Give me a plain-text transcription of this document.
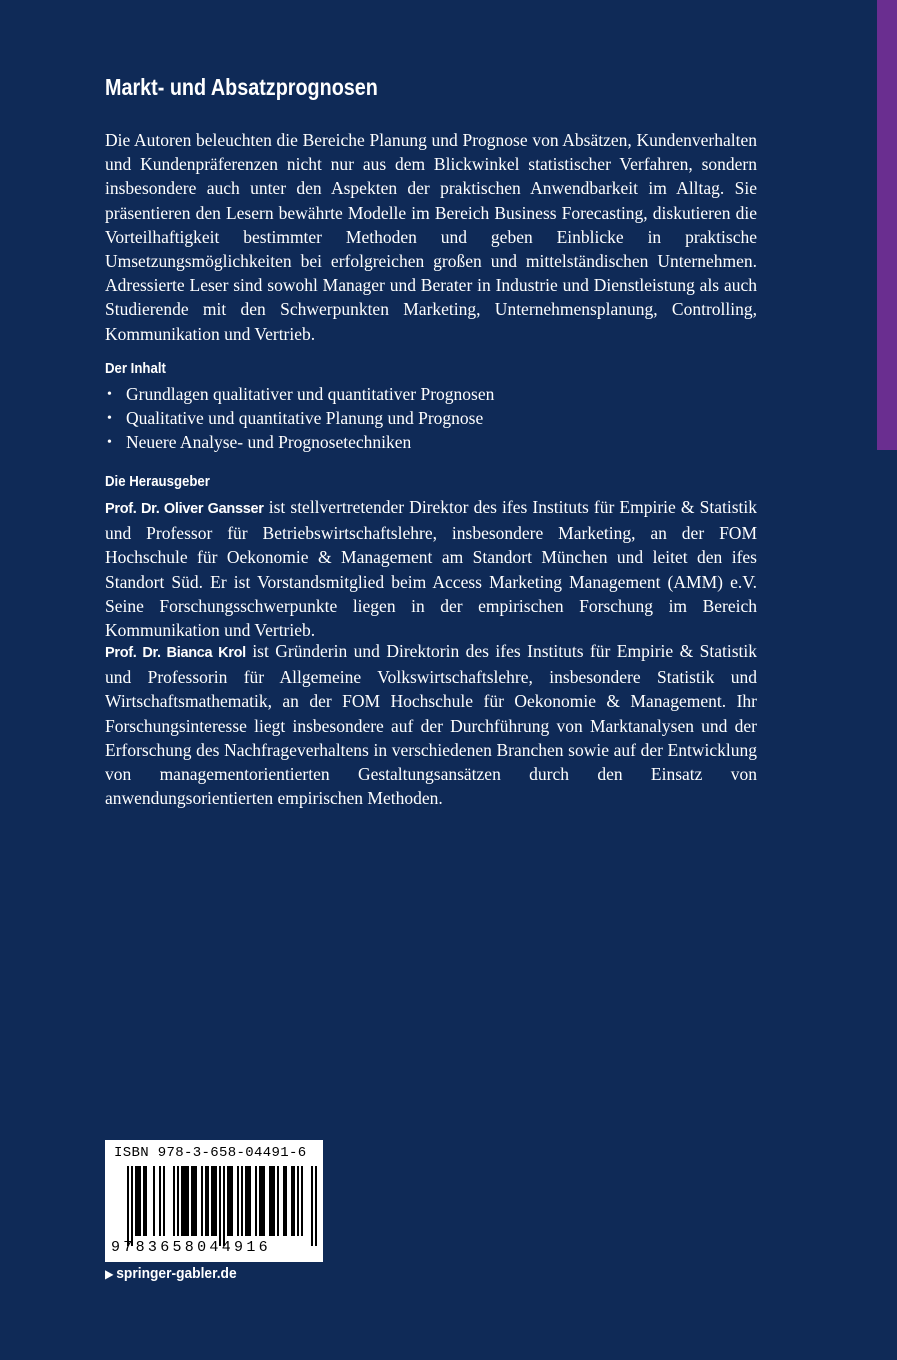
Markt- und Absatzprognosen

Die Autoren beleuchten die Bereiche Planung und Prognose von Absätzen, Kundenverhalten und Kundenpräferenzen nicht nur aus dem Blickwinkel statistischer Verfahren, sondern insbesondere auch unter den Aspekten der praktischen Anwendbarkeit im Alltag. Sie präsentieren den Lesern bewährte Modelle im Bereich Business Forecasting, diskutieren die Vorteilhaftigkeit bestimmter Methoden und geben Einblicke in praktische Umsetzungsmöglichkeiten bei erfolgreichen großen und mittelständischen Unternehmen. Adressierte Leser sind sowohl Manager und Berater in Industrie und Dienstleistung als auch Studierende mit den Schwerpunkten Marketing, Unternehmensplanung, Controlling, Kommunikation und Vertrieb.

Der Inhalt
• Grundlagen qualitativer und quantitativer Prognosen
• Qualitative und quantitative Planung und Prognose
• Neuere Analyse- und Prognosetechniken
Die Herausgeber

Prof. Dr. Oliver Gansser ist stellvertretender Direktor des ifes Instituts für Empirie & Statistik und Professor für Betriebswirtschaftslehre, insbesondere Marketing, an der FOM Hochschule für Oekonomie & Management am Standort München und leitet den ifes Standort Süd. Er ist Vorstandsmitglied beim Access Marketing Management (AMM) e.V. Seine Forschungsschwerpunkte liegen in der empirischen Forschung im Bereich Kommunikation und Vertrieb.

Prof. Dr. Bianca Krol ist Gründerin und Direktorin des ifes Instituts für Empirie & Statistik und Professorin für Allgemeine Volkswirtschaftslehre, insbesondere Statistik und Wirtschaftsmathematik, an der FOM Hochschule für Oekonomie & Management. Ihr Forschungsinteresse liegt insbesondere auf der Durchführung von Marktanalysen und der Erforschung des Nachfrageverhaltens in verschiedenen Branchen sowie auf der Entwicklung von managementorientierten Gestaltungsansätzen durch den Einsatz von anwendungsorientierten empirischen Methoden.

ISBN 978-3-658-04491-6
9783658044916
▶ springer-gabler.de
